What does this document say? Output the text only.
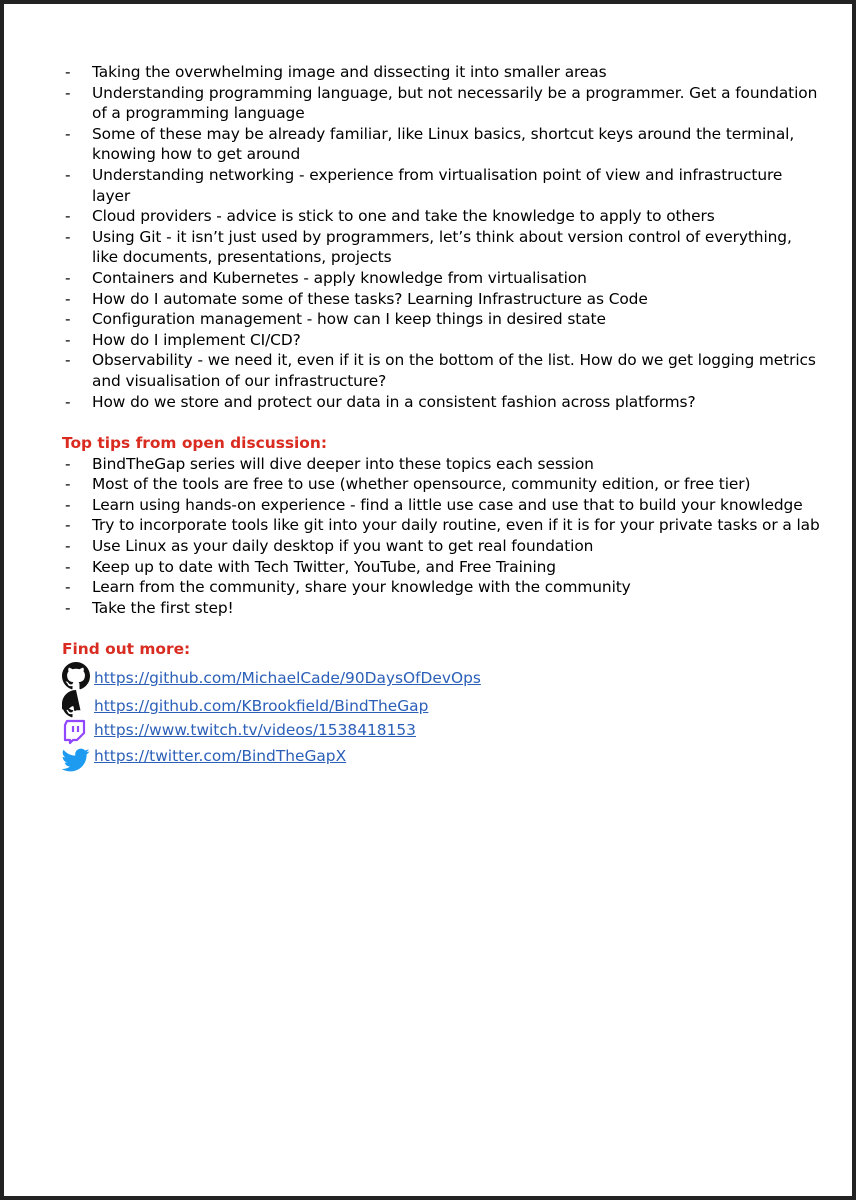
- Taking the overwhelming image and dissecting it into smaller areas
- Understanding programming language, but not necessarily be a programmer. Get a foundation of a programming language
- Some of these may be already familiar, like Linux basics, shortcut keys around the terminal, knowing how to get around
- Understanding networking - experience from virtualisation point of view and infrastructure layer
- Cloud providers - advice is stick to one and take the knowledge to apply to others
- Using Git - it isn’t just used by programmers, let’s think about version control of everything, like documents, presentations, projects
- Containers and Kubernetes - apply knowledge from virtualisation
- How do I automate some of these tasks? Learning Infrastructure as Code
- Configuration management - how can I keep things in desired state
- How do I implement CI/CD?
- Observability - we need it, even if it is on the bottom of the list. How do we get logging metrics and visualisation of our infrastructure?
- How do we store and protect our data in a consistent fashion across platforms?
Top tips from open discussion:
- BindTheGap series will dive deeper into these topics each session
- Most of the tools are free to use (whether opensource, community edition, or free tier)
- Learn using hands-on experience - find a little use case and use that to build your knowledge
- Try to incorporate tools like git into your daily routine, even if it is for your private tasks or a lab
- Use Linux as your daily desktop if you want to get real foundation
- Keep up to date with Tech Twitter, YouTube, and Free Training
- Learn from the community, share your knowledge with the community
- Take the first step!
Find out more:
https://github.com/MichaelCade/90DaysOfDevOps
https://github.com/KBrookfield/BindTheGap
https://www.twitch.tv/videos/1538418153
https://twitter.com/BindTheGapX
